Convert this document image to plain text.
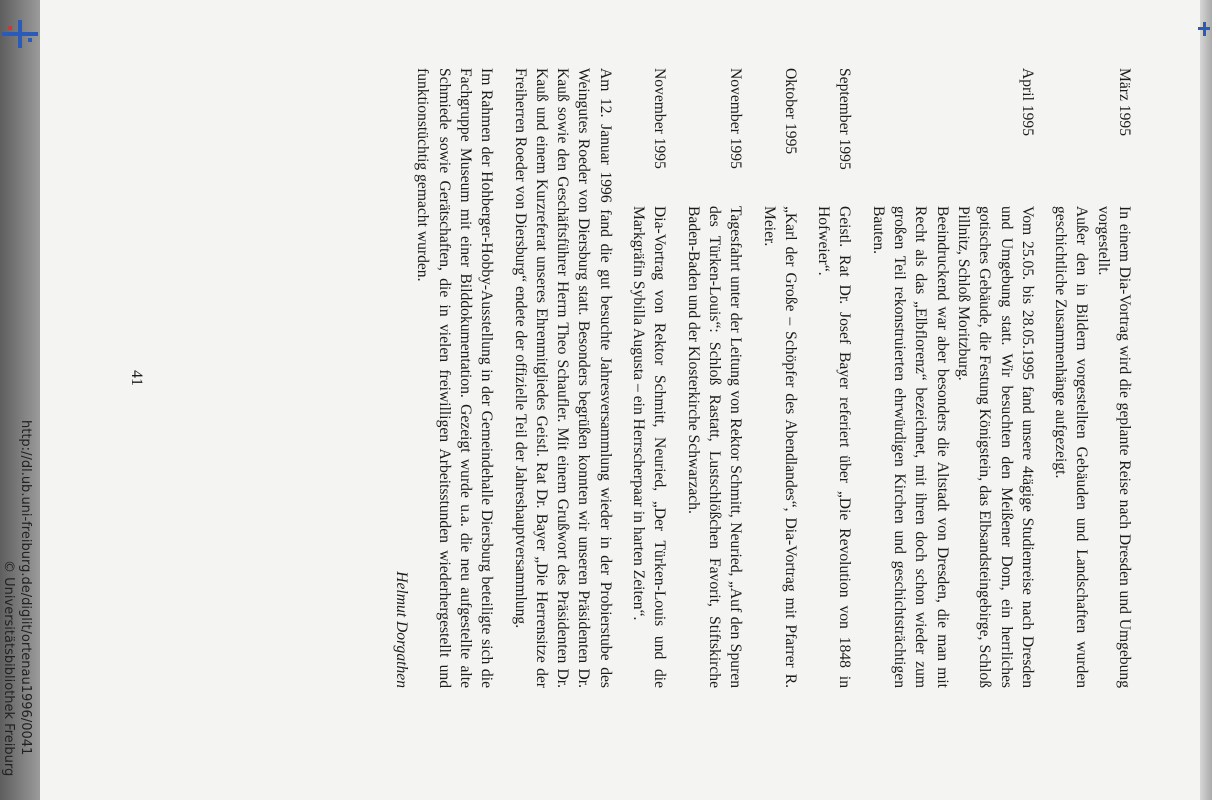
März 1995

In einem Dia-Vortrag wird die geplante Reise nach Dresden und Umgebung vorgestellt.

Außer den in Bildern vorgestellten Gebäuden und Landschaften wurden geschichtliche Zusammenhänge aufgezeigt.

April 1995

Vom 25.05. bis 28.05.1995 fand unsere 4tägige Studienreise nach Dresden und Umgebung statt. Wir besuchten den Meißener Dom, ein herrliches gotisches Gebäude, die Festung Königstein, das Elbsandsteingebirge, Schloß Pillnitz, Schloß Moritzburg.

Beeindruckend war aber besonders die Altstadt von Dresden, die man mit Recht als das „Elbflorenz“ bezeichnet, mit ihren doch schon wieder zum großen Teil rekonstruierten ehrwürdigen Kirchen und geschichtsträchtigen Bauten.

September 1995

Geistl. Rat Dr. Josef Bayer referiert über „Die Revolution von 1848 in Hofweier“.

Oktober 1995

„Karl der Große – Schöpfer des Abendlandes“, Dia-Vortrag mit Pfarrer R. Meier.

November 1995

Tagesfahrt unter der Leitung von Rektor Schmitt, Neuried, „Auf den Spuren des Türken-Louis“: Schloß Rastatt, Lustschlößchen Favorit, Stiftskirche Baden-Baden und der Klosterkirche Schwarzach.

November 1995

Dia-Vortrag von Rektor Schmitt, Neuried, „Der Türken-Louis und die Markgräfin Sybilla Augusta – ein Herrscherpaar in harten Zeiten“.

Am 12. Januar 1996 fand die gut besuchte Jahresversammlung wieder in der Probierstube des Weingutes Roeder von Diersburg statt. Besonders begrüßen konnten wir unseren Präsidenten Dr. Kauß sowie den Geschäftsführer Herrn Theo Schaufler. Mit einem Grußwort des Präsidenten Dr. Kauß und einem Kurzreferat unseres Ehrenmitgliedes Geistl. Rat Dr. Bayer „Die Herrensitze der Freiherren Roeder von Diersburg“ endete der offizielle Teil der Jahreshauptversammlung.

Im Rahmen der Hohberger-Hobby-Ausstellung in der Gemeindehalle Diersburg beteiligte sich die Fachgruppe Museum mit einer Bilddokumentation. Gezeigt wurde u.a. die neu aufgestellte alte Schmiede sowie Gerätschaften, die in vielen freiwilligen Arbeitsstunden wiederhergestellt und funktionstüchtig gemacht wurden.

Helmut Dorgathen

41
http://dl.ub.uni-freiburg.de/diglit/ortenau1996/0041
© Universitätsbibliothek Freiburg
